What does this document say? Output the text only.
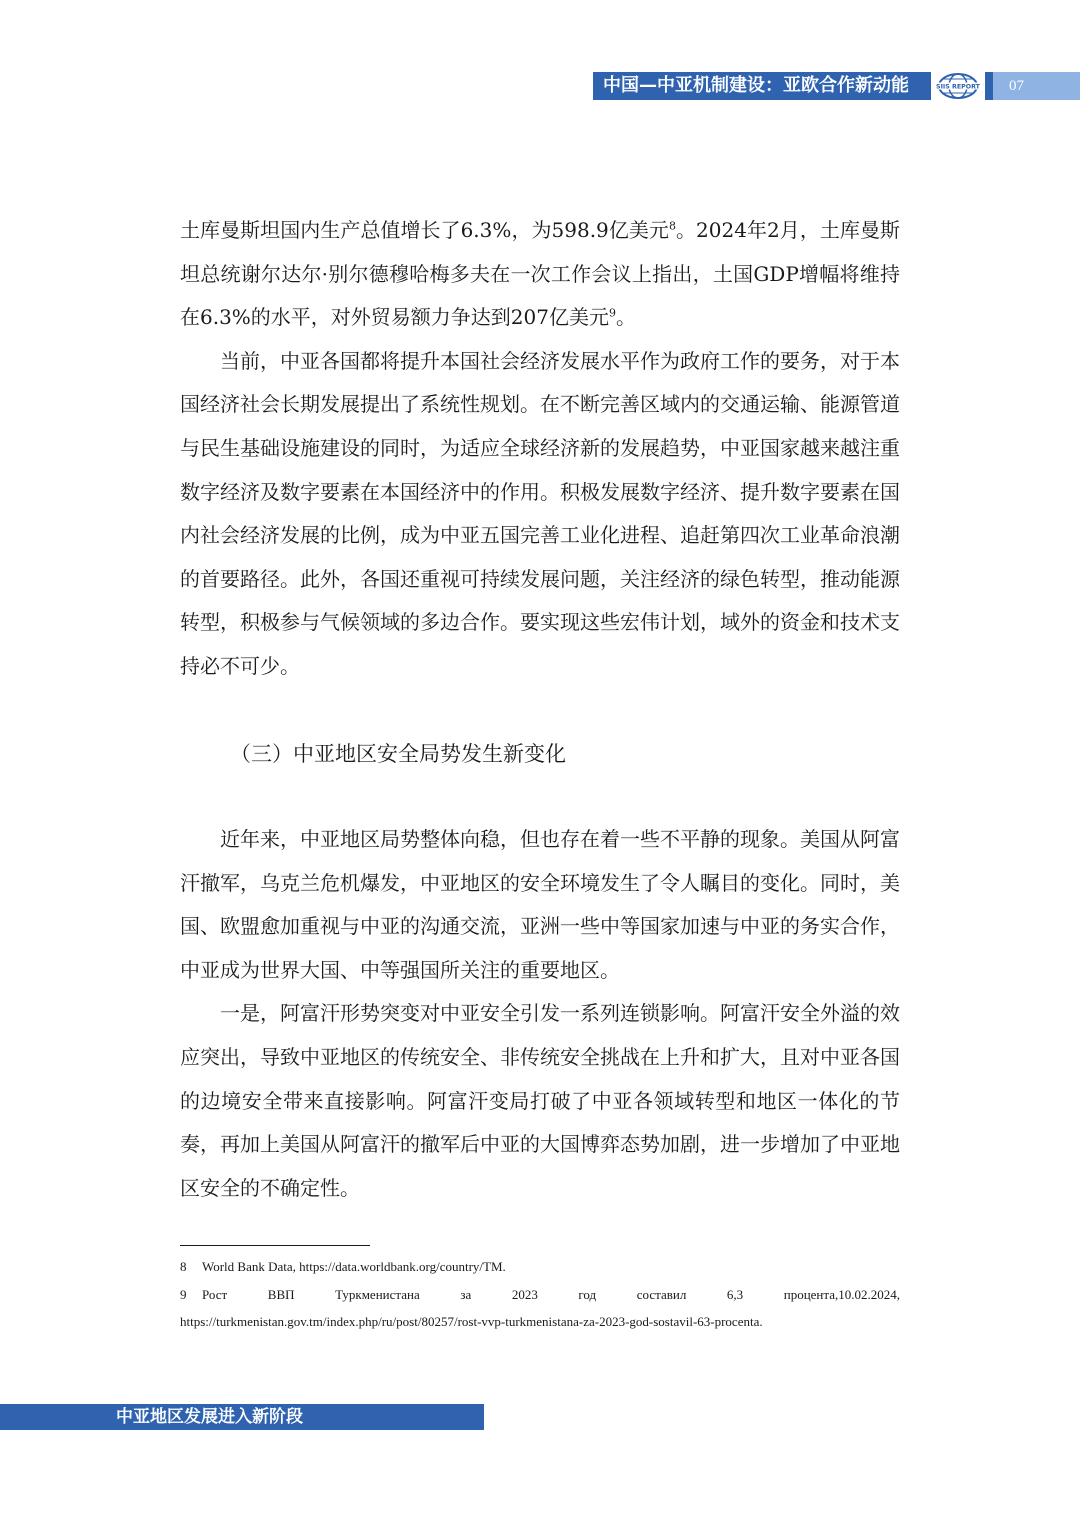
中国—中亚机制建设：亚欧合作新动能	SIIS REPORT 07

土库曼斯坦国内生产总值增长了6.3%，为598.9亿美元$^8$。2024年2月，土库曼斯坦总统谢尔达尔·别尔德穆哈梅多夫在一次工作会议上指出，土国GDP增幅将维持在6.3%的水平，对外贸易额力争达到207亿美元$^9$。

当前，中亚各国都将提升本国社会经济发展水平作为政府工作的要务，对于本国经济社会长期发展提出了系统性规划。在不断完善区域内的交通运输、能源管道与民生基础设施建设的同时，为适应全球经济新的发展趋势，中亚国家越来越注重数字经济及数字要素在本国经济中的作用。积极发展数字经济、提升数字要素在国内社会经济发展的比例，成为中亚五国完善工业化进程、追赶第四次工业革命浪潮的首要路径。此外，各国还重视可持续发展问题，关注经济的绿色转型，推动能源转型，积极参与气候领域的多边合作。要实现这些宏伟计划，域外的资金和技术支持必不可少。

（三）中亚地区安全局势发生新变化

近年来，中亚地区局势整体向稳，但也存在着一些不平静的现象。美国从阿富汗撤军，乌克兰危机爆发，中亚地区的安全环境发生了令人瞩目的变化。同时，美国、欧盟愈加重视与中亚的沟通交流，亚洲一些中等国家加速与中亚的务实合作，中亚成为世界大国、中等强国所关注的重要地区。

一是，阿富汗形势突变对中亚安全引发一系列连锁影响。阿富汗安全外溢的效应突出，导致中亚地区的传统安全、非传统安全挑战在上升和扩大，且对中亚各国的边境安全带来直接影响。阿富汗变局打破了中亚各领域转型和地区一体化的节奏，再加上美国从阿富汗的撤军后中亚的大国博弈态势加剧，进一步增加了中亚地区安全的不确定性。

8 World Bank Data, https://data.worldbank.org/country/TM.

9 Рост ВВП Туркменистана за 2023 год составил 6,3 процента,10.02.2024, https://turkmenistan.gov.tm/index.php/ru/post/80257/rost-vvp-turkmenistana-za-2023-god-sostavil-63-procenta.

中亚地区发展进入新阶段
